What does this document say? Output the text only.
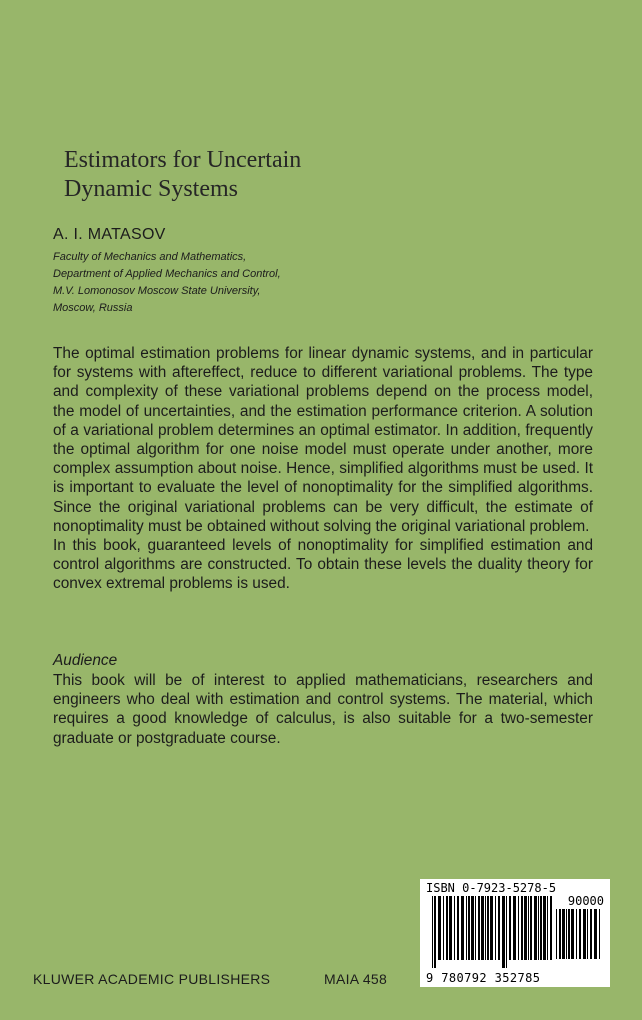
Estimators for Uncertain
Dynamic Systems
A. I. MATASOV
Faculty of Mechanics and Mathematics,
Department of Applied Mechanics and Control,
M.V. Lomonosov Moscow State University,
Moscow, Russia

The optimal estimation problems for linear dynamic systems, and in particular for systems with aftereffect, reduce to different variational problems. The type and complexity of these variational problems depend on the process model, the model of uncertainties, and the estimation performance criterion. A solution of a variational problem determines an optimal estimator. In addition, frequently the optimal algorithm for one noise model must operate under another, more complex assumption about noise. Hence, simplified algorithms must be used. It is important to evaluate the level of nonoptimality for the simplified algorithms. Since the original variational problems can be very difficult, the estimate of nonoptimality must be obtained without solving the original variational problem.

In this book, guaranteed levels of nonoptimality for simplified estimation and control algorithms are constructed. To obtain these levels the duality theory for convex extremal problems is used.

Audience

This book will be of interest to applied mathematicians, researchers and engineers who deal with estimation and control systems. The material, which requires a good knowledge of calculus, is also suitable for a two-semester graduate or postgraduate course.

KLUWER ACADEMIC PUBLISHERS	MAIA 458
ISBN 0-7923-5278-5
90000
9 780792 352785
